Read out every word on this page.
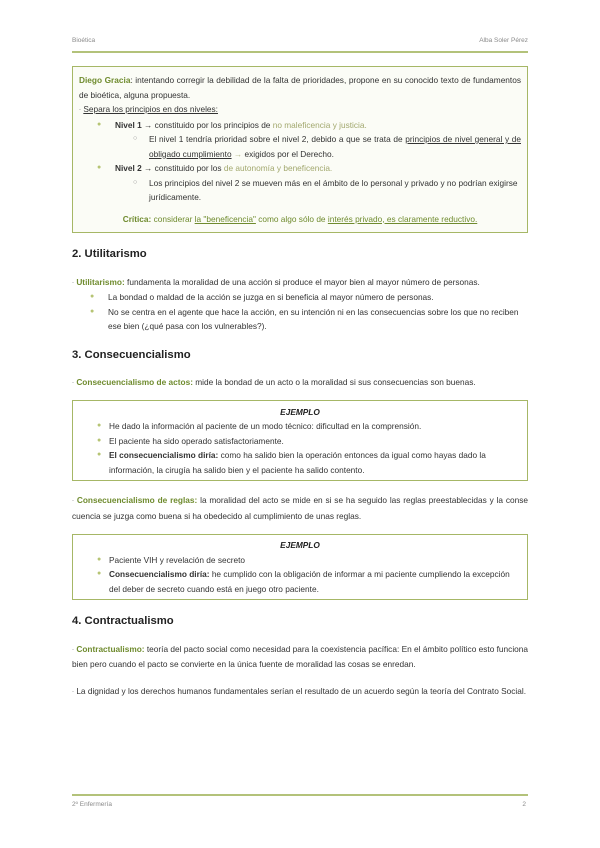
Bioética	Alba Soler Pérez
Diego Gracia: intentando corregir la debilidad de la falta de prioridades, propone en su conocido texto de fundamentos de bioética, alguna propuesta.
· Separa los principios en dos niveles:
● Nivel 1 → constituido por los principios de no maleficencia y justicia.
○ El nivel 1 tendría prioridad sobre el nivel 2, debido a que se trata de principios de nivel general y de obligado cumplimiento → exigidos por el Derecho.
● Nivel 2 → constituido por los de autonomía y beneficencia.
○ Los principios del nivel 2 se mueven más en el ámbito de lo personal y privado y no podrían exigirse jurídicamente.
Crítica: considerar la "beneficencia" como algo sólo de interés privado, es claramente reductivo.
2. Utilitarismo
· Utilitarismo: fundamenta la moralidad de una acción si produce el mayor bien al mayor número de personas.
● La bondad o maldad de la acción se juzga en si beneficia al mayor número de personas.
● No se centra en el agente que hace la acción, en su intención ni en las consecuencias sobre los que no reciben ese bien (¿qué pasa con los vulnerables?).
3. Consecuencialismo
· Consecuencialismo de actos: mide la bondad de un acto o la moralidad si sus consecuencias son buenas.
EJEMPLO
● He dado la información al paciente de un modo técnico: dificultad en la comprensión.
● El paciente ha sido operado satisfactoriamente.
● El consecuencialismo diría: como ha salido bien la operación entonces da igual como hayas dado la información, la cirugía ha salido bien y el paciente ha salido contento.
· Consecuencialismo de reglas: la moralidad del acto se mide en si se ha seguido las reglas preestablecidas y la conse cuencia se juzga como buena si ha obedecido al cumplimiento de unas reglas.
EJEMPLO
● Paciente VIH y revelación de secreto
● Consecuencialismo diría: he cumplido con la obligación de informar a mi paciente cumpliendo la excepción del deber de secreto cuando está en juego otro paciente.
4. Contractualismo
· Contractualismo: teoría del pacto social como necesidad para la coexistencia pacífica: En el ámbito político esto funciona bien pero cuando el pacto se convierte en la única fuente de moralidad las cosas se enredan.
· La dignidad y los derechos humanos fundamentales serían el resultado de un acuerdo según la teoría del Contrato Social.
2º Enfermería	2
